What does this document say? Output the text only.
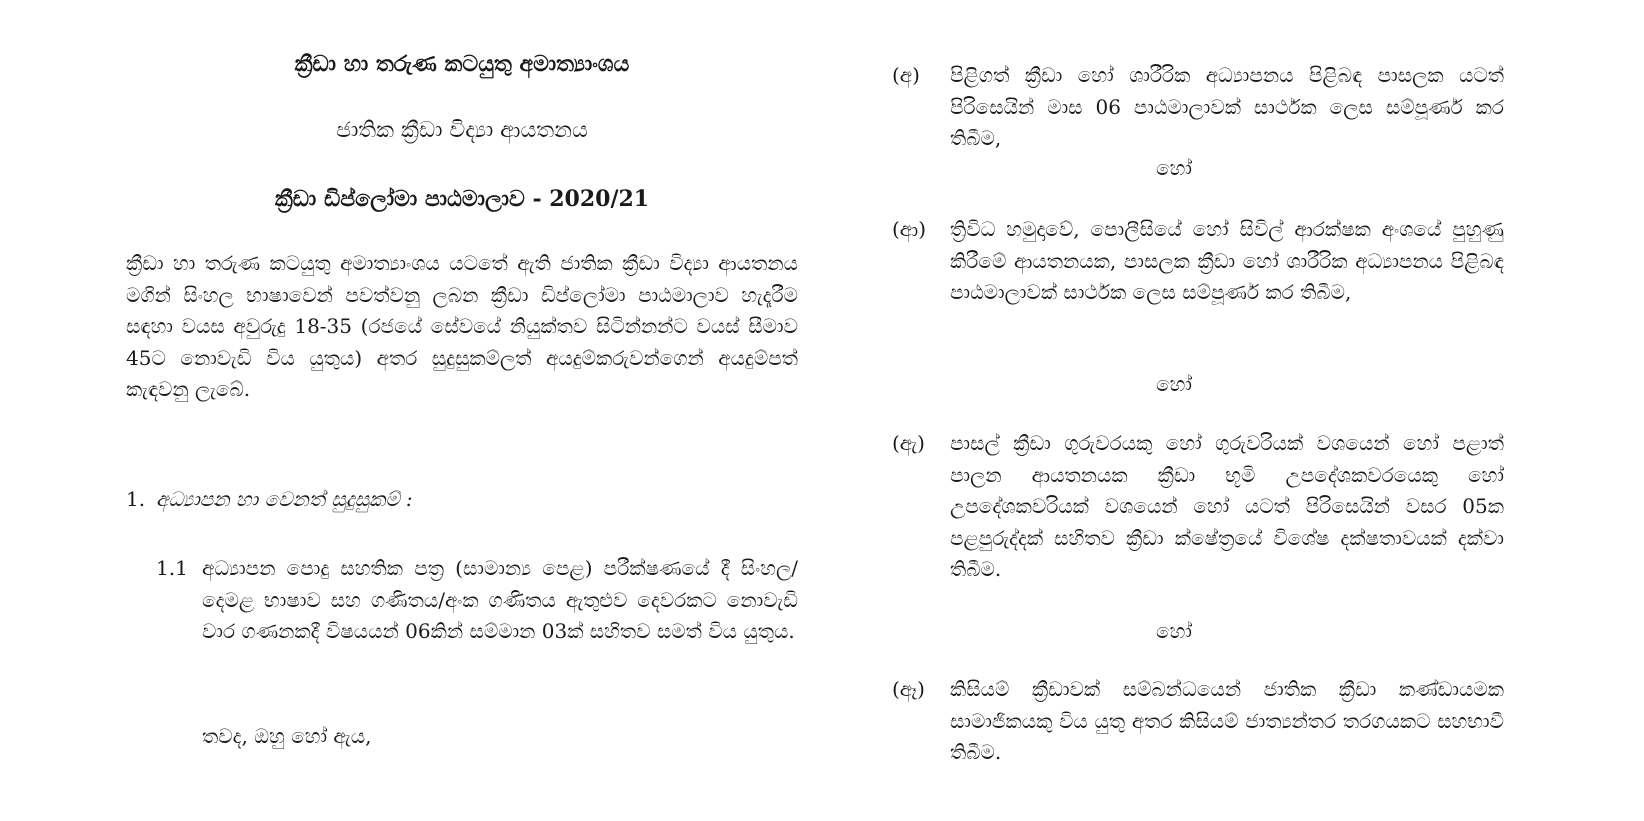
ක්‍රීඩා හා තරුණ කටයුතු අමාත්‍යාංශය
ජාතික ක්‍රීඩා විද්‍යා ආයතනය
ක්‍රීඩා ඩිප්ලෝමා පාඨමාලාව - 2020/21
ක්‍රීඩා හා තරුණ කටයුතු අමාත්‍යාංශය යටතේ ඇති ජාතික ක්‍රීඩා විද්‍යා ආයතනය මගින් සිංහල භාෂාවෙන් පවත්වනු ලබන ක්‍රීඩා ඩිප්ලෝමා පාඨමාලාව හැදෑරීම සඳහා වයස අවුරුදු 18-35 (රජයේ සේවයේ නියුක්තව සිටින්නන්ට වයස් සීමාව 45ට නොවැඩි විය යුතුය) අතර සුදුසුකම්ලත් අයදුම්කරුවන්ගෙන් අයදුම්පත් කැඳවනු ලැබේ.
1. අධ්‍යාපන හා වෙනත් සුදුසුකම් :
1.1 අධ්‍යාපන පොදු සහතික පත්‍ර (සාමාන්‍ය පෙළ) පරීක්ෂණයේ දී සිංහල/දෙමළ භාෂාව සහ ගණිතය/අංක ගණිතය ඇතුළුව දෙවරකට නොවැඩි වාර ගණනකදී විෂයයන් 06කින් සම්මාන 03ක් සහිතව සමත් විය යුතුය.
තවද, ඔහු හෝ ඇය,
(අ)	පිළිගත් ක්‍රීඩා හෝ ශාරීරික අධ්‍යාපනය පිළිබඳ පාසලක යටත් පිරිසෙයින් මාස 06 පාඨමාලාවක් සාර්ථක ලෙස සම්පූර්ණ කර තිබීම,
හෝ
(ආ)	ත්‍රිවිධ හමුදාවේ, පොලීසියේ හෝ සිවිල් ආරක්ෂක අංශයේ පුහුණු කිරීමේ ආයතනයක, පාසලක ක්‍රීඩා හෝ ශාරීරික අධ්‍යාපනය පිළිබඳ පාඨමාලාවක් සාර්ථක ලෙස සම්පූර්ණ කර තිබීම,
හෝ
(ඇ)	පාසල් ක්‍රීඩා ගුරුවරයකු හෝ ගුරුවරියක් වශයෙන් හෝ පළාත් පාලන ආයතනයක ක්‍රීඩා භූමි උපදේශකවරයෙකු හෝ උපදේශකවරියක් වශයෙන් හෝ යටත් පිරිසෙයින් වසර 05ක පළපුරුද්දක් සහිතව ක්‍රීඩා ක්ෂේත්‍රයේ විශේෂ දක්ෂතාවයක් දක්වා තිබීම.
හෝ
(ඈ)	කිසියම් ක්‍රීඩාවක් සම්බන්ධයෙන් ජාතික ක්‍රීඩා කණ්ඩායමක සාමාජිකයකු විය යුතු අතර කිසියම් ජාත්‍යන්තර තරගයකට සහභාවී තිබීම.
